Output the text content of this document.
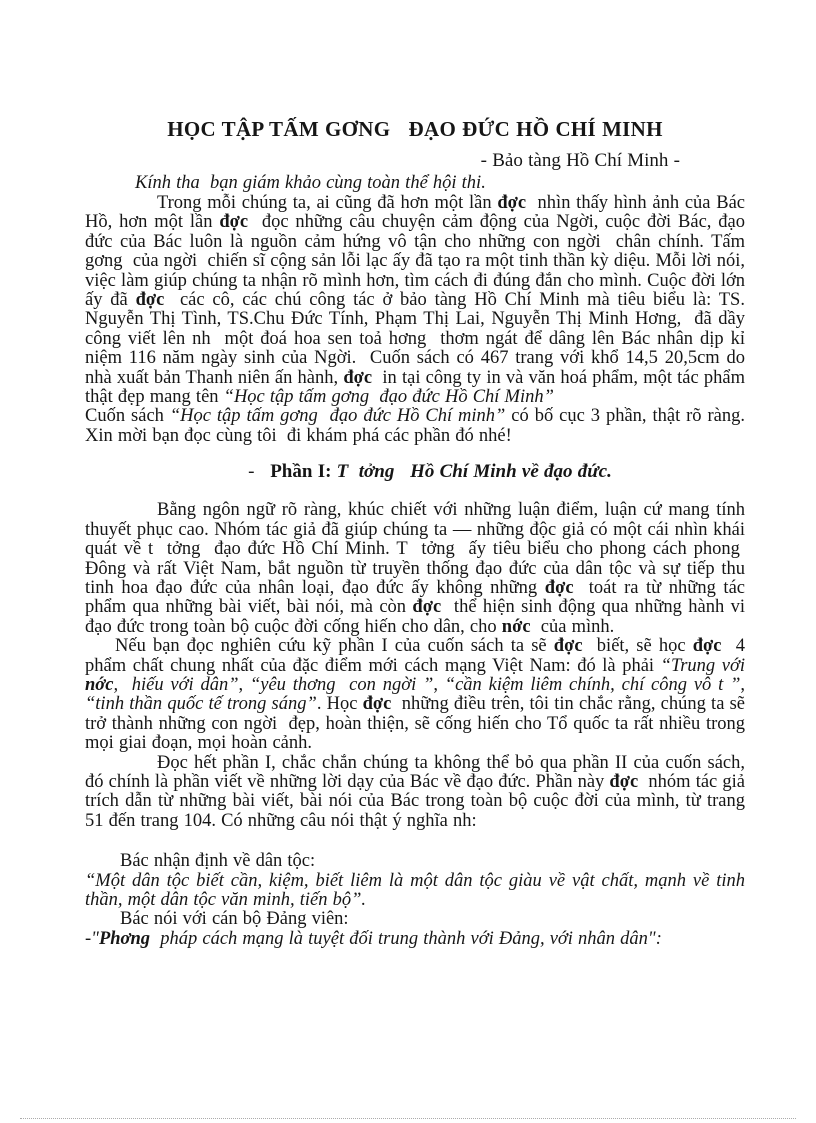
HỌC TẬP TẤM GƠNG   ĐẠO ĐỨC HỒ CHÍ MINH
- Bảo tàng Hồ Chí Minh -
Kính tha  bạn giám khảo cùng toàn thể hội thi.
Trong mỗi chúng ta, ai cũng đã hơn một lần đợc  nhìn thấy hình ảnh của Bác Hồ, hơn một lần đợc  đọc những câu chuyện cảm động của Ngời, cuộc đời Bác, đạo đức của Bác luôn là nguồn cảm hứng vô tận cho những con ngời  chân chính. Tấm gơng  của ngời  chiến sĩ cộng sản lỗi lạc ấy đã tạo ra một tinh thần kỳ diệu. Mỗi lời nói, việc làm giúp chúng ta nhận rõ mình hơn, tìm cách đi đúng đắn cho mình. Cuộc đời lớn ấy đã đợc  các cô, các chú công tác ở bảo tàng Hồ Chí Minh mà tiêu biểu là: TS. Nguyễn Thị Tình, TS.Chu Đức Tính, Phạm Thị Lai, Nguyễn Thị Minh Hơng,  đã dầy công viết lên nh  một đoá hoa sen toả hơng  thơm ngát để dâng lên Bác nhân dịp kỉ niệm 116 năm ngày sinh của Ngời.  Cuốn sách có 467 trang với khổ 14,5 20,5cm do nhà xuất bản Thanh niên ấn hành, đợc  in tại công ty in và văn hoá phẩm, một tác phẩm thật đẹp mang tên “Học tập tấm gơng  đạo đức Hồ Chí Minh”
Cuốn sách “Học tập tấm gơng  đạo đức Hồ Chí minh” có bố cục 3 phần, thật rõ ràng. Xin mời bạn đọc cùng tôi  đi khám phá các phần đó nhé!
-   Phần I: T  tởng   Hồ Chí Minh về đạo đức.
Bằng ngôn ngữ rõ ràng, khúc chiết với những luận điểm, luận cứ mang tính thuyết phục cao. Nhóm tác giả đã giúp chúng ta — những độc giả có một cái nhìn khái quát về t  tởng  đạo đức Hồ Chí Minh. T  tởng  ấy tiêu biểu cho phong cách phong  Đông và rất Việt Nam, bắt nguồn từ truyền thống đạo đức của dân tộc và sự tiếp thu tinh hoa đạo đức của nhân loại, đạo đức ấy không những đợc  toát ra từ những tác phẩm qua những bài viết, bài nói, mà còn đợc  thể hiện sinh động qua những hành vi đạo đức trong toàn bộ cuộc đời cống hiến cho dân, cho nớc  của mình.
Nếu bạn đọc nghiên cứu kỹ phần I của cuốn sách ta sẽ đợc  biết, sẽ học đợc  4 phẩm chất chung nhất của đặc điểm mới cách mạng Việt Nam: đó là phải “Trung với nớc,  hiếu với dân”, “yêu thơng  con ngời ”, “cần kiệm liêm chính, chí công vô t ”, “tinh thần quốc tế trong sáng”. Học đợc  những điều trên, tôi tin chắc rằng, chúng ta sẽ trở thành những con ngời  đẹp, hoàn thiện, sẽ cống hiến cho Tổ quốc ta rất nhiều trong mọi giai đoạn, mọi hoàn cảnh.
Đọc hết phần I, chắc chắn chúng ta không thể bỏ qua phần II của cuốn sách, đó chính là phần viết về những lời dạy của Bác về đạo đức. Phần này đợc  nhóm tác giả trích dẫn từ những bài viết, bài nói của Bác trong toàn bộ cuộc đời của mình, từ trang 51 đến trang 104. Có những câu nói thật ý nghĩa nh:
Bác nhận định về dân tộc:
“Một dân tộc biết cần, kiệm, biết liêm là một dân tộc giàu về vật chất, mạnh về tinh thần, một dân tộc văn minh, tiến bộ”.
Bác nói với cán bộ Đảng viên:
-"Phơng  pháp cách mạng là tuyệt đối trung thành với Đảng, với nhân dân":
